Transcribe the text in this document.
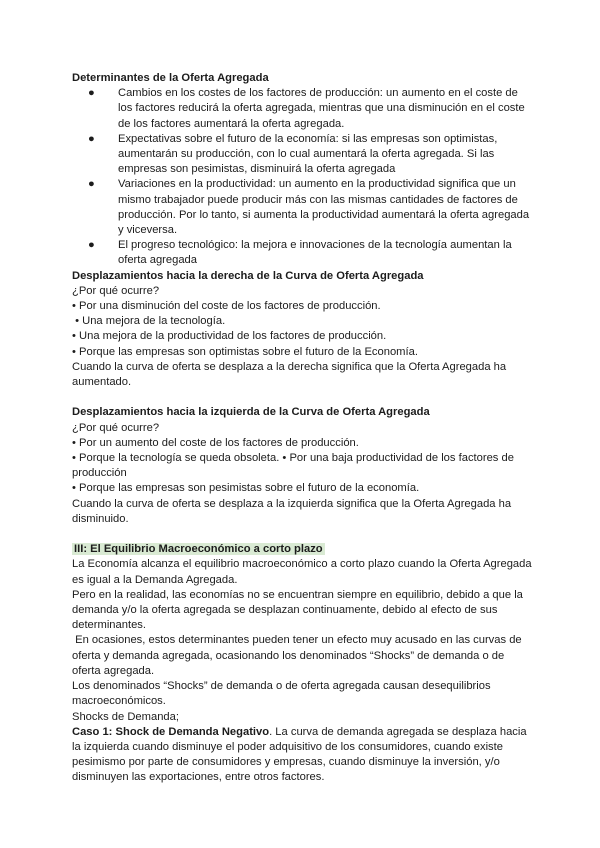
Determinantes de la Oferta Agregada

● Cambios en los costes de los factores de producción: un aumento en el coste de los factores reducirá la oferta agregada, mientras que una disminución en el coste de los factores aumentará la oferta agregada.
● Expectativas sobre el futuro de la economía: si las empresas son optimistas, aumentarán su producción, con lo cual aumentará la oferta agregada. Si las empresas son pesimistas, disminuirá la oferta agregada
● Variaciones en la productividad: un aumento en la productividad significa que un mismo trabajador puede producir más con las mismas cantidades de factores de producción. Por lo tanto, si aumenta la productividad aumentará la oferta agregada y viceversa.
● El progreso tecnológico: la mejora e innovaciones de la tecnología aumentan la oferta agregada

Desplazamientos hacia la derecha de la Curva de Oferta Agregada

¿Por qué ocurre?

• Por una disminución del coste de los factores de producción.

• Una mejora de la tecnología.

• Una mejora de la productividad de los factores de producción.

• Porque las empresas son optimistas sobre el futuro de la Economía.

Cuando la curva de oferta se desplaza a la derecha significa que la Oferta Agregada ha aumentado.

Desplazamientos hacia la izquierda de la Curva de Oferta Agregada

¿Por qué ocurre?

• Por un aumento del coste de los factores de producción.

• Porque la tecnología se queda obsoleta. • Por una baja productividad de los factores de producción

• Porque las empresas son pesimistas sobre el futuro de la economía.

Cuando la curva de oferta se desplaza a la izquierda significa que la Oferta Agregada ha disminuido.

III: El Equilibrio Macroeconómico a corto plazo

La Economía alcanza el equilibrio macroeconómico a corto plazo cuando la Oferta Agregada es igual a la Demanda Agregada.

Pero en la realidad, las economías no se encuentran siempre en equilibrio, debido a que la demanda y/o la oferta agregada se desplazan continuamente, debido al efecto de sus determinantes.

En ocasiones, estos determinantes pueden tener un efecto muy acusado en las curvas de oferta y demanda agregada, ocasionando los denominados “Shocks” de demanda o de oferta agregada.

Los denominados “Shocks” de demanda o de oferta agregada causan desequilibrios macroeconómicos.

Shocks de Demanda;

Caso 1: Shock de Demanda Negativo. La curva de demanda agregada se desplaza hacia la izquierda cuando disminuye el poder adquisitivo de los consumidores, cuando existe pesimismo por parte de consumidores y empresas, cuando disminuye la inversión, y/o disminuyen las exportaciones, entre otros factores.
